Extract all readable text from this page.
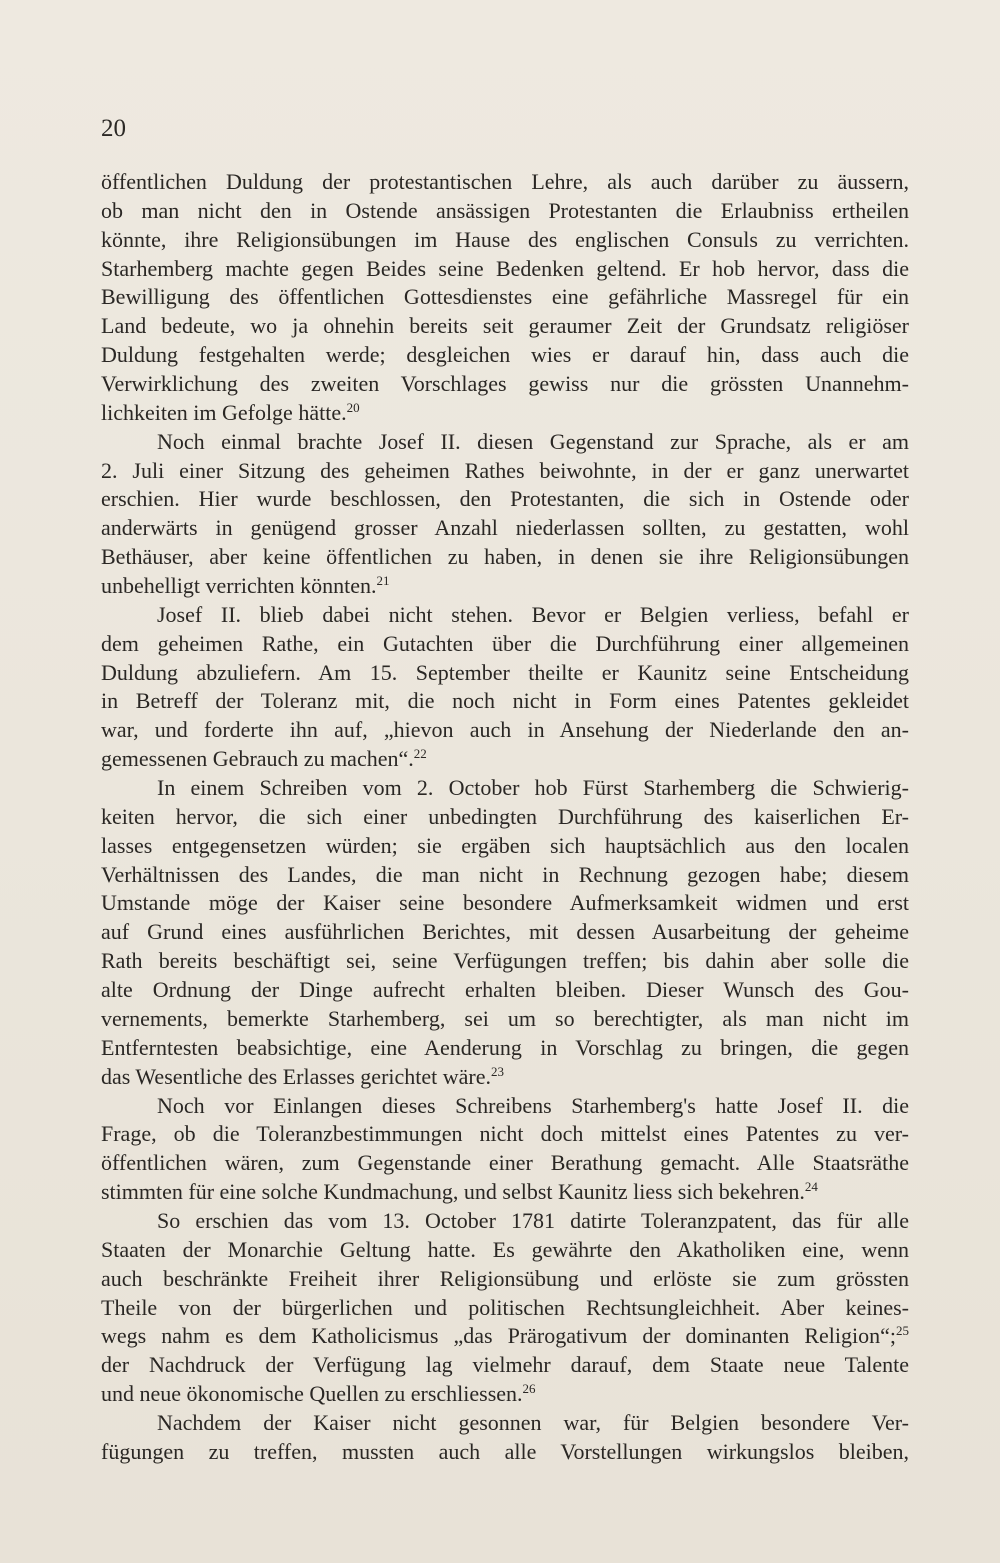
20
öffentlichen Duldung der protestantischen Lehre, als auch darüber zu äussern,
ob man nicht den in Ostende ansässigen Protestanten die Erlaubniss ertheilen
könnte, ihre Religionsübungen im Hause des englischen Consuls zu verrichten.
Starhemberg machte gegen Beides seine Bedenken geltend. Er hob hervor, dass die
Bewilligung des öffentlichen Gottesdienstes eine gefährliche Massregel für ein
Land bedeute, wo ja ohnehin bereits seit geraumer Zeit der Grundsatz religiöser
Duldung festgehalten werde; desgleichen wies er darauf hin, dass auch die
Verwirklichung des zweiten Vorschlages gewiss nur die grössten Unannehm-
lichkeiten im Gefolge hätte.$^{20}$
Noch einmal brachte Josef II. diesen Gegenstand zur Sprache, als er am
2. Juli einer Sitzung des geheimen Rathes beiwohnte, in der er ganz unerwartet
erschien. Hier wurde beschlossen, den Protestanten, die sich in Ostende oder
anderwärts in genügend grosser Anzahl niederlassen sollten, zu gestatten, wohl
Bethäuser, aber keine öffentlichen zu haben, in denen sie ihre Religionsübungen
unbehelligt verrichten könnten.$^{21}$
Josef II. blieb dabei nicht stehen. Bevor er Belgien verliess, befahl er
dem geheimen Rathe, ein Gutachten über die Durchführung einer allgemeinen
Duldung abzuliefern. Am 15. September theilte er Kaunitz seine Entscheidung
in Betreff der Toleranz mit, die noch nicht in Form eines Patentes gekleidet
war, und forderte ihn auf, „hievon auch in Ansehung der Niederlande den an-
gemessenen Gebrauch zu machen“.$^{22}$
In einem Schreiben vom 2. October hob Fürst Starhemberg die Schwierig-
keiten hervor, die sich einer unbedingten Durchführung des kaiserlichen Er-
lasses entgegensetzen würden; sie ergäben sich hauptsächlich aus den localen
Verhältnissen des Landes, die man nicht in Rechnung gezogen habe; diesem
Umstande möge der Kaiser seine besondere Aufmerksamkeit widmen und erst
auf Grund eines ausführlichen Berichtes, mit dessen Ausarbeitung der geheime
Rath bereits beschäftigt sei, seine Verfügungen treffen; bis dahin aber solle die
alte Ordnung der Dinge aufrecht erhalten bleiben. Dieser Wunsch des Gou-
vernements, bemerkte Starhemberg, sei um so berechtigter, als man nicht im
Entferntesten beabsichtige, eine Aenderung in Vorschlag zu bringen, die gegen
das Wesentliche des Erlasses gerichtet wäre.$^{23}$
Noch vor Einlangen dieses Schreibens Starhemberg's hatte Josef II. die
Frage, ob die Toleranzbestimmungen nicht doch mittelst eines Patentes zu ver-
öffentlichen wären, zum Gegenstande einer Berathung gemacht. Alle Staatsräthe
stimmten für eine solche Kundmachung, und selbst Kaunitz liess sich bekehren.$^{24}$
So erschien das vom 13. October 1781 datirte Toleranzpatent, das für alle
Staaten der Monarchie Geltung hatte. Es gewährte den Akatholiken eine, wenn
auch beschränkte Freiheit ihrer Religionsübung und erlöste sie zum grössten
Theile von der bürgerlichen und politischen Rechtsungleichheit. Aber keines-
wegs nahm es dem Katholicismus „das Prärogativum der dominanten Religion“;$^{25}$
der Nachdruck der Verfügung lag vielmehr darauf, dem Staate neue Talente
und neue ökonomische Quellen zu erschliessen.$^{26}$
Nachdem der Kaiser nicht gesonnen war, für Belgien besondere Ver-
fügungen zu treffen, mussten auch alle Vorstellungen wirkungslos bleiben,
